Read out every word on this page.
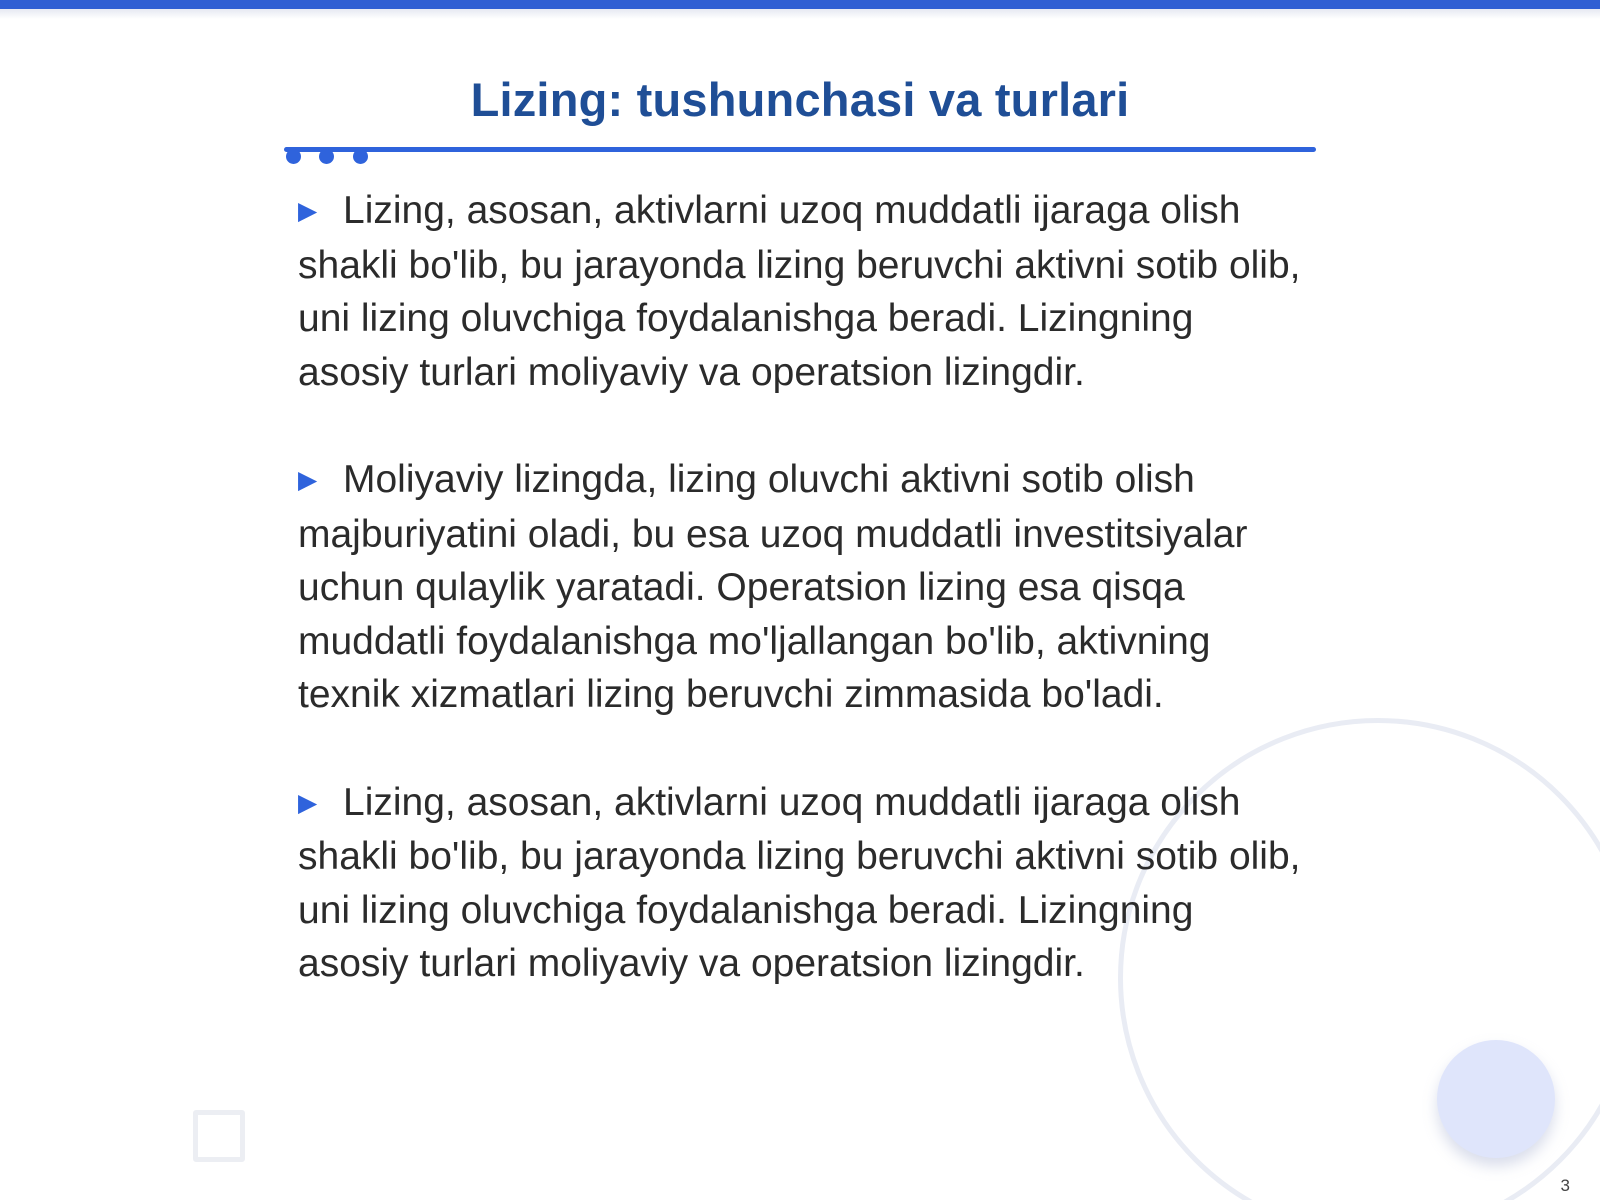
Lizing: tushunchasi va turlari

▶ Lizing, asosan, aktivlarni uzoq muddatli ijaraga olish shakli bo'lib, bu jarayonda lizing beruvchi aktivni sotib olib, uni lizing oluvchiga foydalanishga beradi. Lizingning asosiy turlari moliyaviy va operatsion lizingdir.

▶ Moliyaviy lizingda, lizing oluvchi aktivni sotib olish majburiyatini oladi, bu esa uzoq muddatli investitsiyalar uchun qulaylik yaratadi. Operatsion lizing esa qisqa muddatli foydalanishga mo'ljallangan bo'lib, aktivning texnik xizmatlari lizing beruvchi zimmasida bo'ladi.

▶ Lizing, asosan, aktivlarni uzoq muddatli ijaraga olish shakli bo'lib, bu jarayonda lizing beruvchi aktivni sotib olib, uni lizing oluvchiga foydalanishga beradi. Lizingning asosiy turlari moliyaviy va operatsion lizingdir.

3
